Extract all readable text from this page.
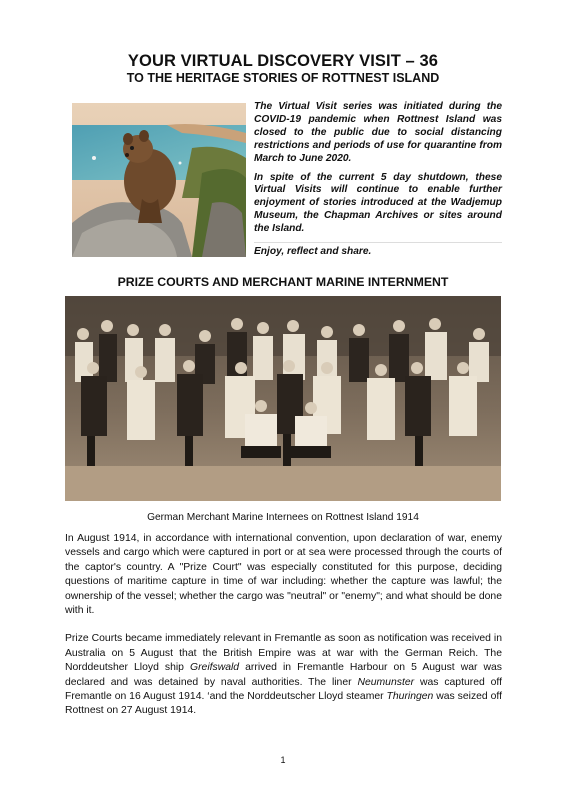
YOUR VIRTUAL DISCOVERY VISIT – 36
TO THE HERITAGE STORIES OF ROTTNEST ISLAND

The Virtual Visit series was initiated during the COVID-19 pandemic when Rottnest Island was closed to the public due to social distancing restrictions and periods of use for quarantine from March to June 2020.

In spite of the current 5 day shutdown, these Virtual Visits will continue to enable further enjoyment of stories introduced at the Wadjemup Museum, the Chapman Archives or sites around the Island.

Enjoy, reflect and share.

PRIZE COURTS AND MERCHANT MARINE INTERNMENT
German Merchant Marine Internees on Rottnest Island 1914

In August 1914, in accordance with international convention, upon declaration of war, enemy vessels and cargo which were captured in port or at sea were processed through the courts of the captor's country. A "Prize Court" was especially constituted for this purpose, deciding questions of maritime capture in time of war including: whether the capture was lawful; the ownership of the vessel; whether the cargo was "neutral" or "enemy"; and what should be done with it.

Prize Courts became immediately relevant in Fremantle as soon as notification was received in Australia on 5 August that the British Empire was at war with the German Reich. The Norddeutsher Lloyd ship Greifswald arrived in Fremantle Harbour on 5 August war was declared and was detained by naval authorities. The liner Neumunster was captured off Fremantle on 16 August 1914. ‘and the Norddeutscher Lloyd steamer Thuringen was seized off Rottnest on 27 August 1914.

1
